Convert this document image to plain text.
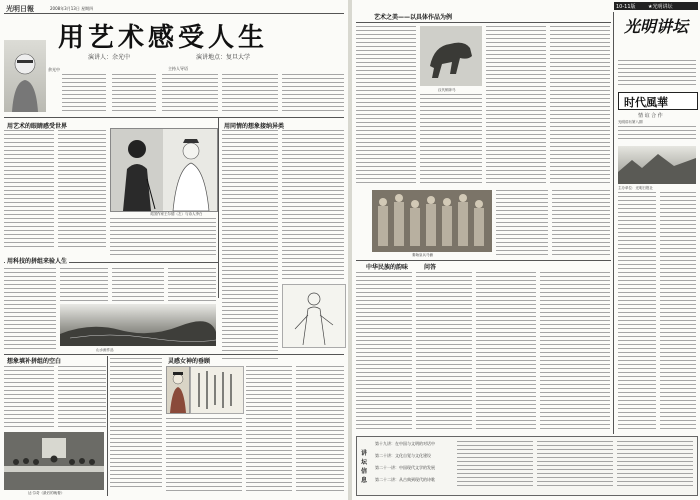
光明日報	2008年3月13日 星期四
用艺术感受人生
演讲人：余光中	演讲地点：复旦大学
余光中	主持人导语
用艺术的眼睛感受世界
英国作家王尔德（左）与诗人李白
用同情的想象接纳异类
用科技的拼组来验人生
山水画作品
想象填补拼组的空白
达·芬奇《最后的晚餐》
灵感女神的垂顾
10-11版 ★光明讲坛
艺术之美——以具体作品为例
汉代铜奔马
秦始皇兵马俑
中华民族的韵味	问答
光明讲坛
时代風華
情 谊 合 作
光明讲坛第八期
主办单位：光明日报社
讲坛信息
第十九讲：在中国与文明的对话中
第二十讲：文化自觉与文化建设
第二十一讲：中国现代文学的发展
第二十二讲：从古典到现代的诗歌
